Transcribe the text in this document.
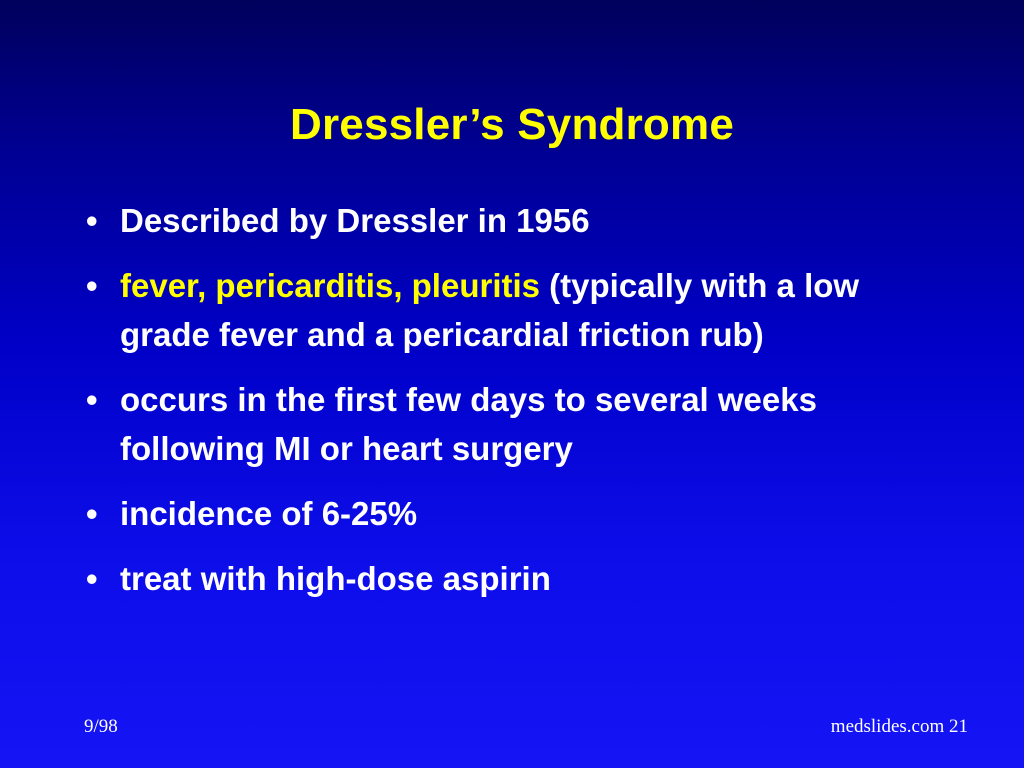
Dressler’s Syndrome
• Described by Dressler in 1956
• fever, pericarditis, pleuritis (typically with a low grade fever and a pericardial friction rub)
• occurs in the first few days to several weeks following MI or heart surgery
• incidence of 6-25%
• treat with high-dose aspirin
9/98	medslides.com 21
